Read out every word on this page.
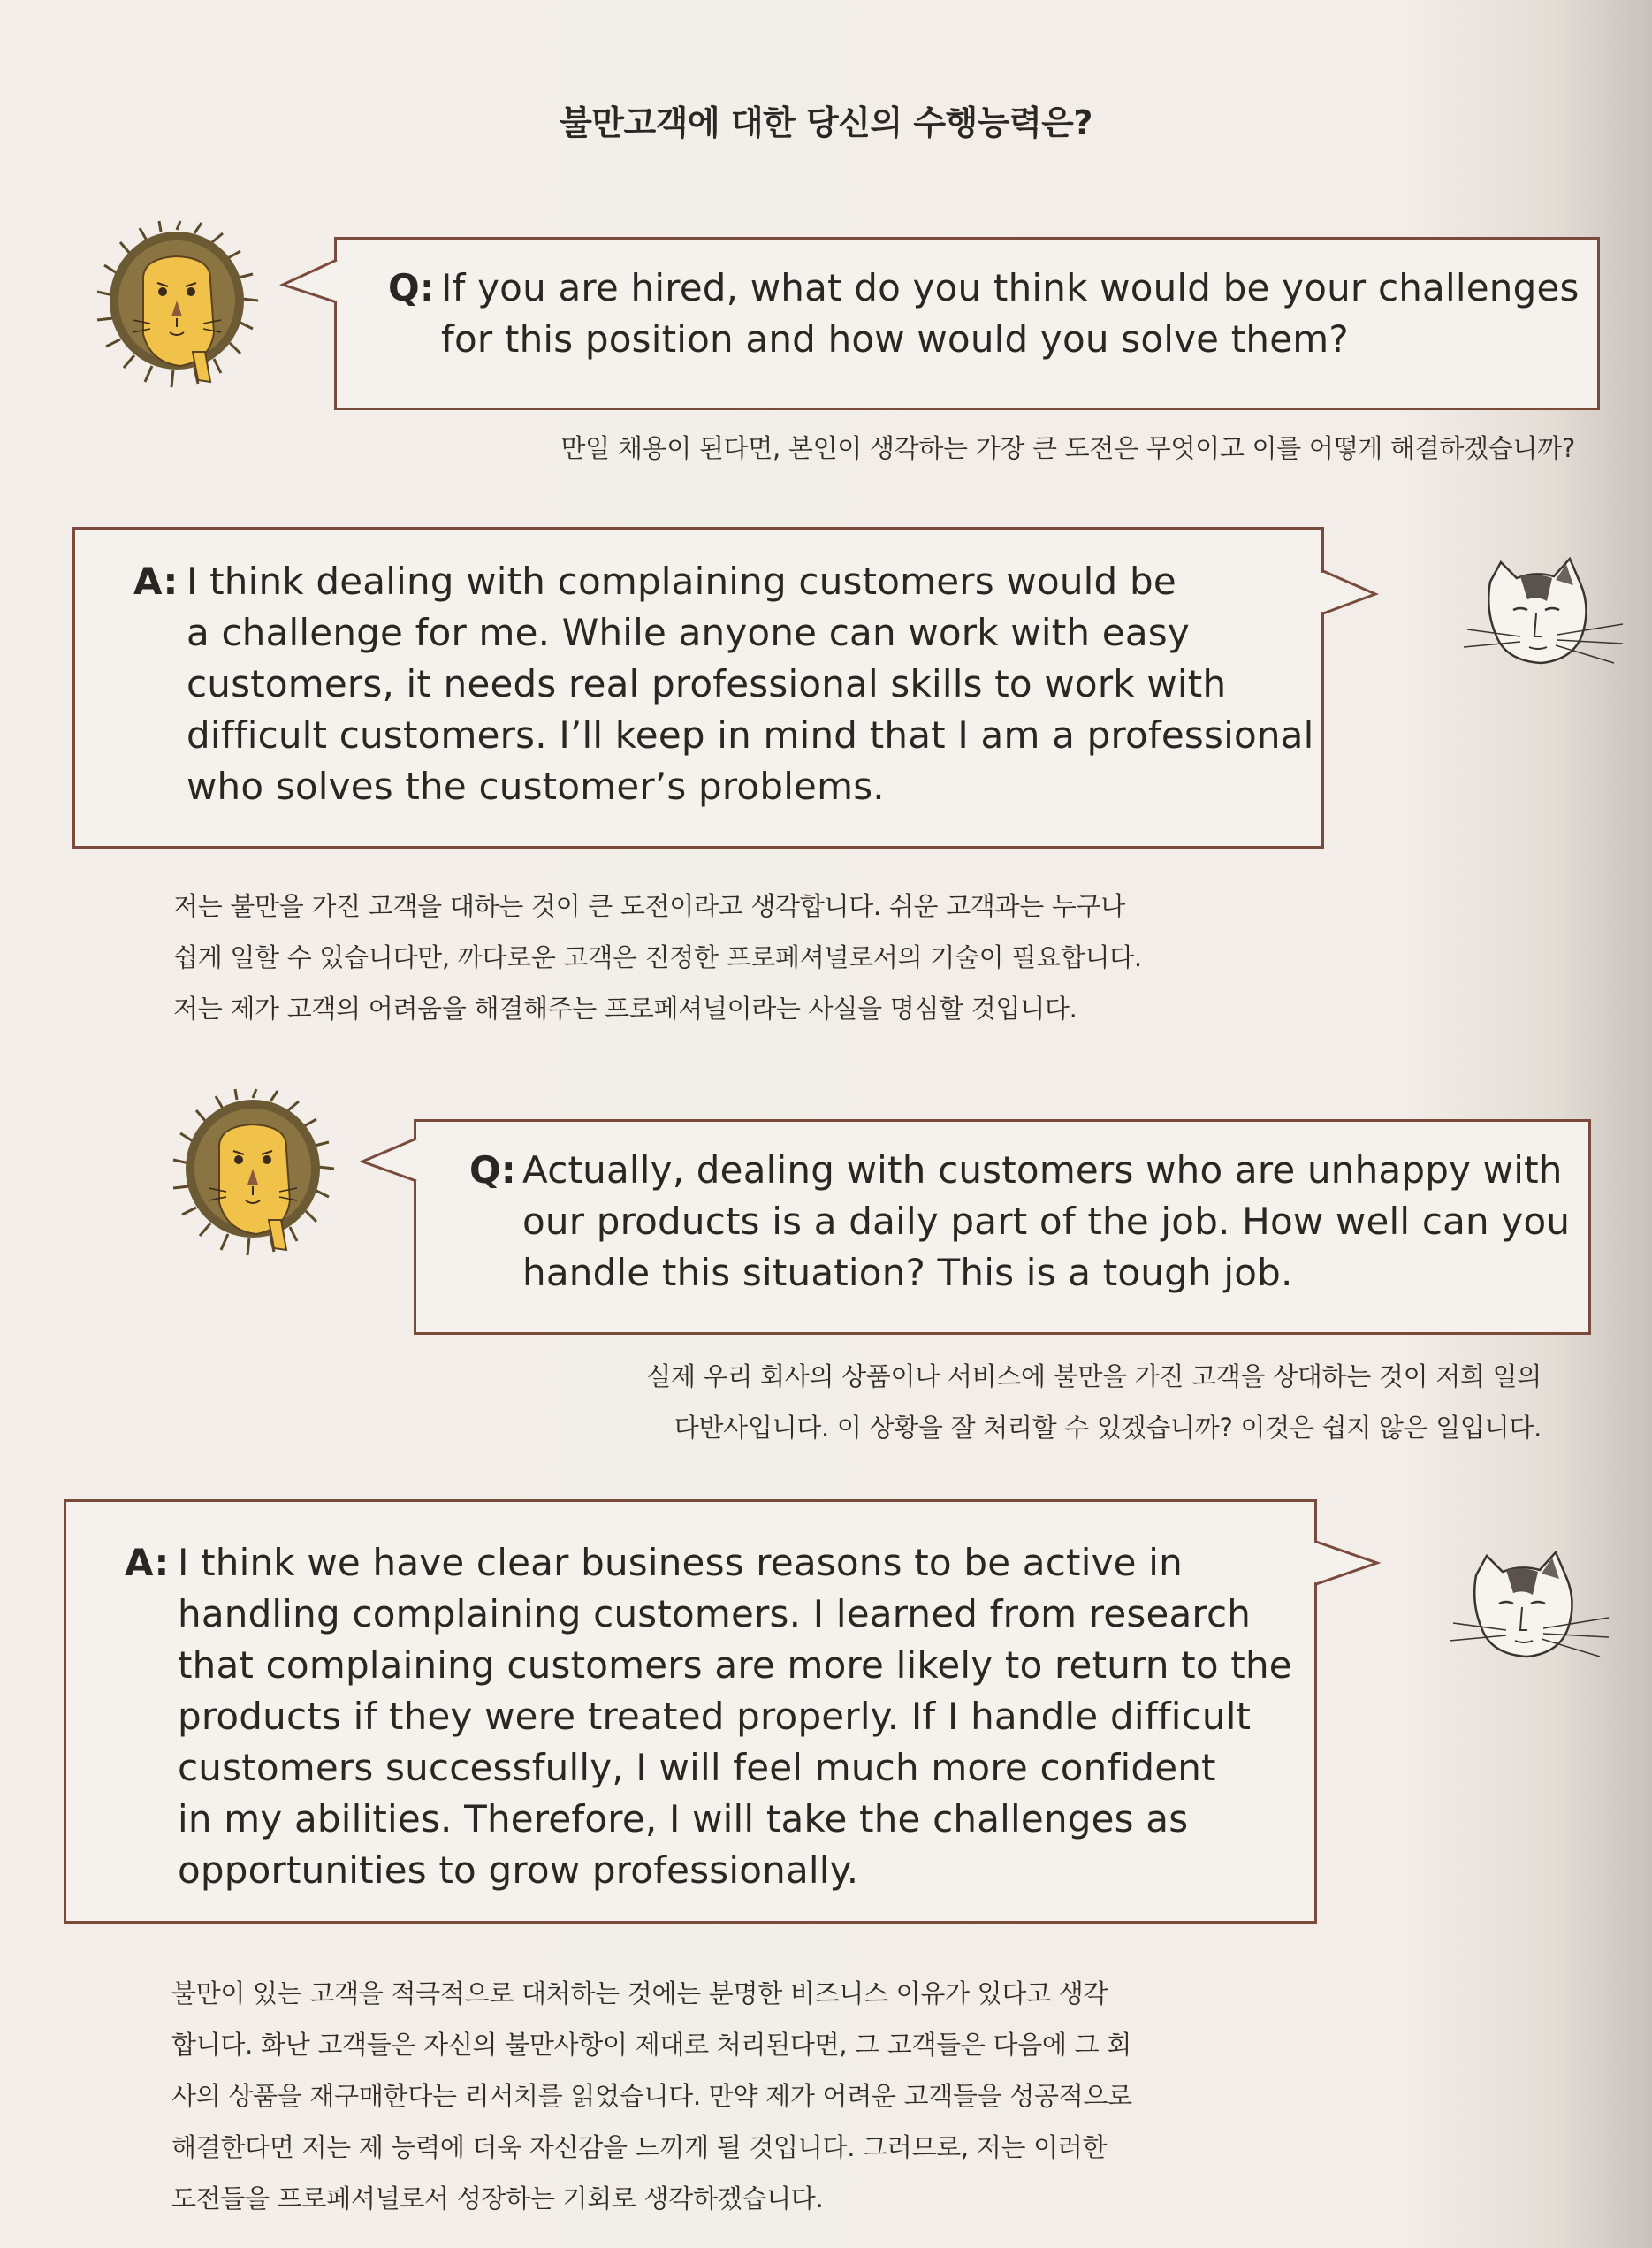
불만고객에 대한 당신의 수행능력은?
Q: If you are hired, what do you think would be your challenges
for this position and how would you solve them?
만일 채용이 된다면, 본인이 생각하는 가장 큰 도전은 무엇이고 이를 어떻게 해결하겠습니까?
A: I think dealing with complaining customers would be
a challenge for me. While anyone can work with easy
customers, it needs real professional skills to work with
difficult customers. I’ll keep in mind that I am a professional
who solves the customer’s problems.
저는 불만을 가진 고객을 대하는 것이 큰 도전이라고 생각합니다. 쉬운 고객과는 누구나
쉽게 일할 수 있습니다만, 까다로운 고객은 진정한 프로페셔널로서의 기술이 필요합니다.
저는 제가 고객의 어려움을 해결해주는 프로페셔널이라는 사실을 명심할 것입니다.
Q: Actually, dealing with customers who are unhappy with
our products is a daily part of the job. How well can you
handle this situation? This is a tough job.
실제 우리 회사의 상품이나 서비스에 불만을 가진 고객을 상대하는 것이 저희 일의
다반사입니다. 이 상황을 잘 처리할 수 있겠습니까? 이것은 쉽지 않은 일입니다.
A: I think we have clear business reasons to be active in
handling complaining customers. I learned from research
that complaining customers are more likely to return to the
products if they were treated properly. If I handle difficult
customers successfully, I will feel much more confident
in my abilities. Therefore, I will take the challenges as
opportunities to grow professionally.
불만이 있는 고객을 적극적으로 대처하는 것에는 분명한 비즈니스 이유가 있다고 생각
합니다. 화난 고객들은 자신의 불만사항이 제대로 처리된다면, 그 고객들은 다음에 그 회
사의 상품을 재구매한다는 리서치를 읽었습니다. 만약 제가 어려운 고객들을 성공적으로
해결한다면 저는 제 능력에 더욱 자신감을 느끼게 될 것입니다. 그러므로, 저는 이러한
도전들을 프로페셔널로서 성장하는 기회로 생각하겠습니다.
